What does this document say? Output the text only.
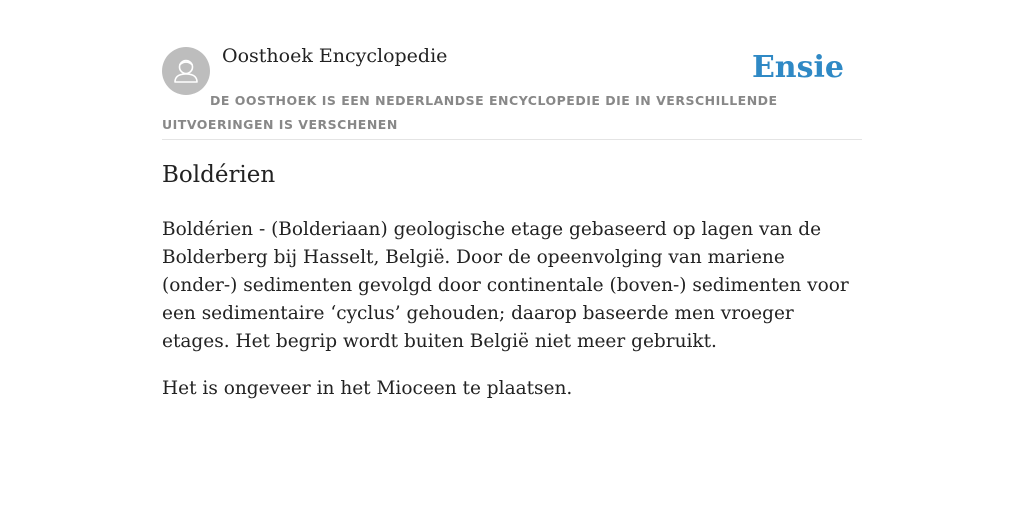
Oosthoek Encyclopedie	Ensie
DE OOSTHOEK IS EEN NEDERLANDSE ENCYCLOPEDIE DIE IN VERSCHILLENDE UITVOERINGEN IS VERSCHENEN
Boldérien

Boldérien - (Bolderiaan) geologische etage gebaseerd op lagen van de Bolderberg bij Hasselt, België. Door de opeenvolging van mariene (onder-) sedimenten gevolgd door continentale (boven-) sedimenten voor een sedimentaire ‘cyclus’ gehouden; daarop baseerde men vroeger etages. Het begrip wordt buiten België niet meer gebruikt.

Het is ongeveer in het Mioceen te plaatsen.
